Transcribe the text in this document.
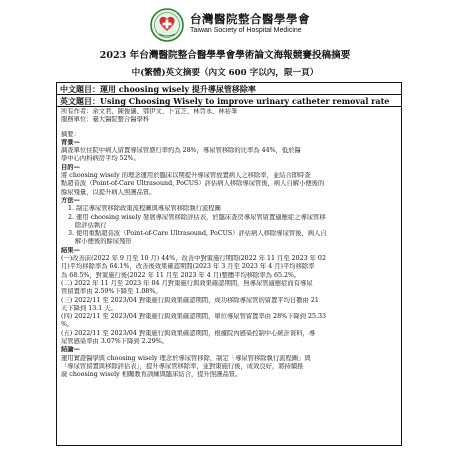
台灣醫院整合醫學學會
Taiwan Society of Hospital Medicine
2023 年台灣醫院整合醫學學會學術論文海報競賽投稿摘要
中(繁體)英文摘要（內文 600 字以內，限一頁）
中文題目：運用 choosing wisely 提升導尿管移除率
英文題目：Using Choosing Wisely to improve urinary catheter removal rate
所有作者：余文君、陳俊儀、鄂伊文、卜宜芝、林晉永、林裕峯
服務單位：臺大醫院整合醫學科
摘要：
背景—
調查單位住院中病人留置導尿管盛行率約為 28%，導尿管移除的比率為 44%，低於醫
學中心內科病房平均 52%。
目的—
將 choosing wisely 的理念運用於臨床以期提升導尿管放置病人之移除率，並結合即時查
點超音波（Point-of-Care Ultrasound, PoCUS）評估病人移除導尿管後，病人自解小便後的
餘尿殘量，以提升病人照護品質。
方法—
1. 制定導尿管移除政策流程圖與導尿管移除執行流程圖
2. 運用 choosing wisely 發展導尿管移除評估表，於臨床查房導尿管留置適應症之導尿管移
除評估執行
3. 使用重點超音波（Point-of-Care Ultrasound, PoCUS）評估病人移除導尿管後，病人自
解小便後的餘尿殘形
結果—
(一)改善前(2022 年 9 月至 10 月) 44%，改善中對策施行期間(2022 年 11 月至 2023 年 02
月)平均移除率為 64.1%，改善後效果確認期間(2023 年 3 月至 2023 年 4 月)平均移除率
為 68.5%，對策施行後(2022 年 11 月至 2023 年 4 月)整體平均移除率為 65.2%。
(二) 2022 年 11 月至 2023 年 04 月對策施行與效果確認期間，無導尿管適應症而有導尿
管留置率由 2.59%下降至 1.08%。
(三) 2022/11 至 2023/04 對策施行與效果確認期間，成功移除導尿管的留置平均日數由 21
天下降到 13.1 天。
(四) 2022/11 至 2023/04 對策施行與效果確認期間，單位導尿管留置率由 28%下降到 25.33
%。
(五) 2022/11 至 2023/04 對策施行與效果確認期間，根據院內感染控制中心統計資料，導
尿管感染率由 3.07%下降到 2.29%。
結論—
運用實證醫學與 choosing wisely 理念於導尿管移除，制定「導尿管移除執行流程圖」與
「導尿管留置與移除評估表」，提升導尿管移除率，並對策施行後，成效良好，將持續推
廣 choosing wisely 相關教育訓練與臨床結合，提升照護品質。
